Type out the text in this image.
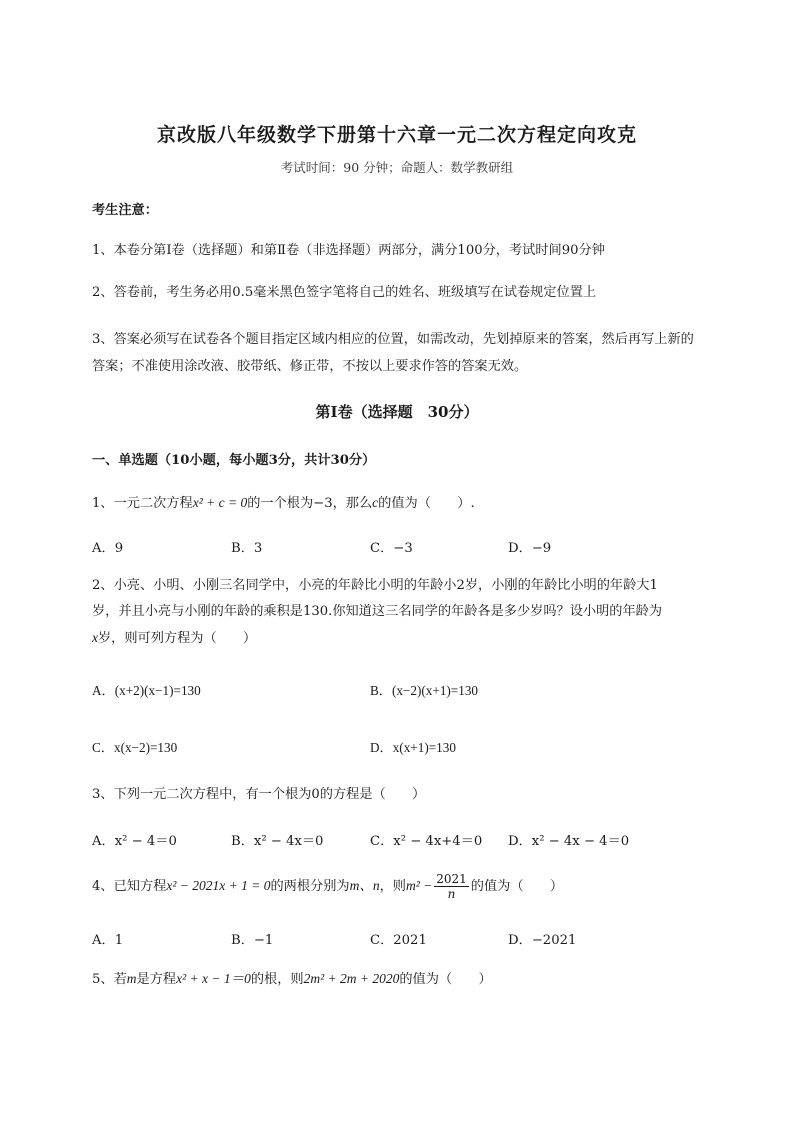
京改版八年级数学下册第十六章一元二次方程定向攻克
考试时间：90 分钟；命题人：数学教研组
考生注意：
1、本卷分第I卷（选择题）和第Ⅱ卷（非选择题）两部分，满分100分，考试时间90分钟
2、答卷前，考生务必用0.5毫米黑色签字笔将自己的姓名、班级填写在试卷规定位置上
3、答案必须写在试卷各个题目指定区域内相应的位置，如需改动，先划掉原来的答案，然后再写上新的答案；不准使用涂改液、胶带纸、修正带，不按以上要求作答的答案无效。
第I卷（选择题　30分）
一、单选题（10小题，每小题3分，共计30分）
1、一元二次方程x² + c = 0的一个根为−3，那么c的值为（　　）.
A．9	B．3	C．−3	D．−9
2、小亮、小明、小刚三名同学中，小亮的年龄比小明的年龄小2岁，小刚的年龄比小明的年龄大1
岁，并且小亮与小刚的年龄的乘积是130.你知道这三名同学的年龄各是多少岁吗？设小明的年龄为
x岁，则可列方程为（　　）
A．(x+2)(x−1)=130	B．(x−2)(x+1)=130
C．x(x−2)=130	D．x(x+1)=130
3、下列一元二次方程中，有一个根为0的方程是（　　）
A．x² − 4＝0	B．x² − 4x＝0	C．x² − 4x+4＝0 D．x² − 4x − 4＝0
4、已知方程x² − 2021x + 1 = 0的两根分别为m、n，则$m^2 - \frac{2021}{n}$ 的值为（　　）
A．1	B．−1	C．2021	D．−2021
5、若m是方程x² + x − 1＝0的根，则2m² + 2m + 2020的值为（　　）
